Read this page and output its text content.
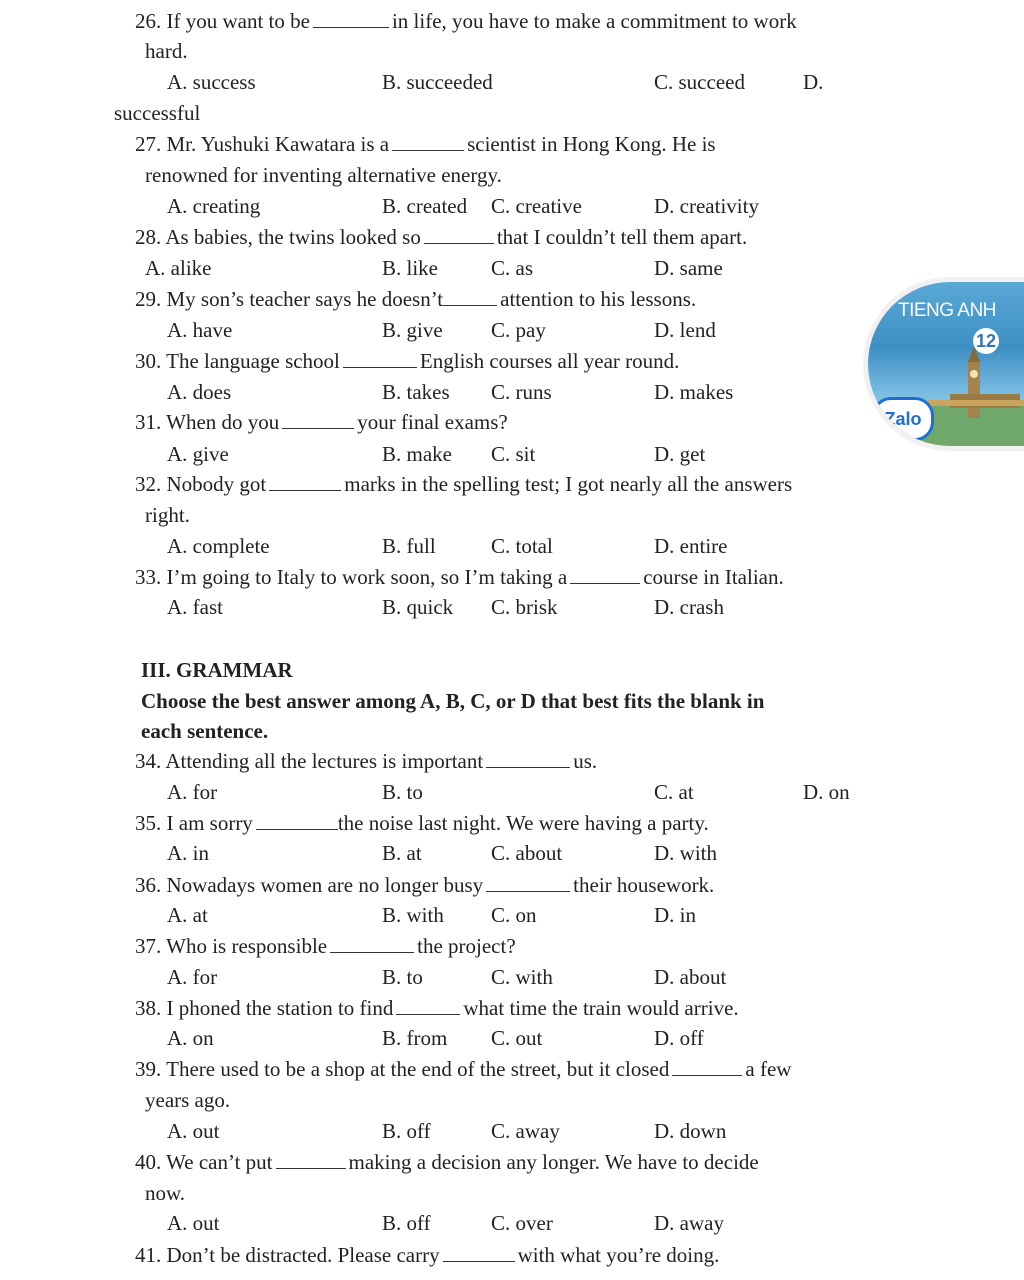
26. If you want to be	in life, you have to make a commitment to work
hard.
A. success	B. succeeded	C. succeed	D.
successful
27. Mr. Yushuki Kawatara is a	scientist in Hong Kong. He is
renowned for inventing alternative energy.
A. creating	B. created C. creative	D. creativity
28. As babies, the twins looked so	that I couldn’t tell them apart.
A. alike	B. like	C. as	D. same
29. My son’s teacher says he doesn’t	attention to his lessons.
A. have	B. give C. pay	D. lend
30. The language school	English courses all year round.
A. does	B. takes C. runs	D. makes
31. When do you	your final exams?
A. give	B. make C. sit	D. get
32. Nobody got	marks in the spelling test; I got nearly all the answers
right.
A. complete	B. full	C. total	D. entire
33. I’m going to Italy to work soon, so I’m taking a	course in Italian.
A. fast	B. quick C. brisk	D. crash
III. GRAMMAR
Choose the best answer among A, B, C, or D that best fits the blank in
each sentence.
34. Attending all the lectures is important	us.
A. for	B. to	C. at	D. on
35. I am sorry	the noise last night. We were having a party.
A. in	B. at	C. about	D. with
36. Nowadays women are no longer busy	their housework.
A. at	B. with C. on	D. in
37. Who is responsible	the project?
A. for	B. to	C. with	D. about
38. I phoned the station to find	what time the train would arrive.
A. on	B. from C. out	D. off
39. There used to be a shop at the end of the street, but it closed	a few
years ago.
A. out	B. off	C. away	D. down
40. We can’t put	making a decision any longer. We have to decide
now.
A. out	B. off	C. over	D. away
41. Don’t be distracted. Please carry	with what you’re doing.
TIENG ANH
12
Zalo
